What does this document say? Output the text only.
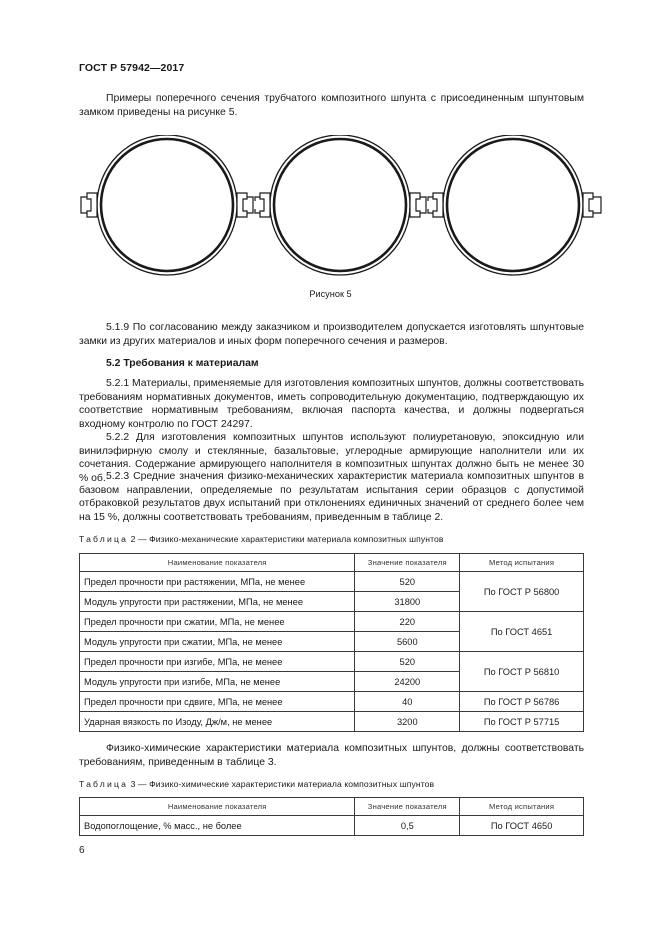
ГОСТ Р 57942—2017

Примеры поперечного сечения трубчатого композитного шпунта с присоединенным шпунтовым замком приведены на рисунке 5.

Рисунок 5

5.1.9 По согласованию между заказчиком и производителем допускается изготовлять шпунтовые замки из других материалов и иных форм поперечного сечения и размеров.

5.2 Требования к материалам

5.2.1 Материалы, применяемые для изготовления композитных шпунтов, должны соответствовать требованиям нормативных документов, иметь сопроводительную документацию, подтверждающую их соответствие нормативным требованиям, включая паспорта качества, и должны подвергаться входному контролю по ГОСТ 24297.

5.2.2 Для изготовления композитных шпунтов используют полиуретановую, эпоксидную или винилэфирную смолу и стеклянные, базальтовые, углеродные армирующие наполнители или их сочетания. Содержание армирующего наполнителя в композитных шпунтах должно быть не менее 30 % об. 5.2.3 Средние значения физико-механических характеристик материала композитных шпунтов в базовом направлении, определяемые по результатам испытания серии образцов с допустимой отбраковкой результатов двух испытаний при отклонениях единичных значений от среднего более чем на 15 %, должны соответствовать требованиям, приведенным в таблице 2.

Таблица 2 — Физико-механические характеристики материала композитных шпунтов
Наименование показателя	Значение показателя	Метод испытания
Предел прочности при растяжении, МПа, не менее	520	По ГОСТ Р 56800
Модуль упругости при растяжении, МПа, не менее	31800	
Предел прочности при сжатии, МПа, не менее	220	По ГОСТ 4651
Модуль упругости при сжатии, МПа, не менее	5600	
Предел прочности при изгибе, МПа, не менее	520	По ГОСТ Р 56810
Модуль упругости при изгибе, МПа, не менее	24200	
Предел прочности при сдвиге, МПа, не менее	40	По ГОСТ Р 56786
Ударная вязкость по Изоду, Дж/м, не менее	3200	По ГОСТ Р 57715

Физико-химические характеристики материала композитных шпунтов, должны соответствовать требованиям, приведенным в таблице 3.

Таблица 3 — Физико-химические характеристики материала композитных шпунтов
Наименование показателя	Значение показателя	Метод испытания
Водопоглощение, % масс., не более	0,5	По ГОСТ 4650
6
